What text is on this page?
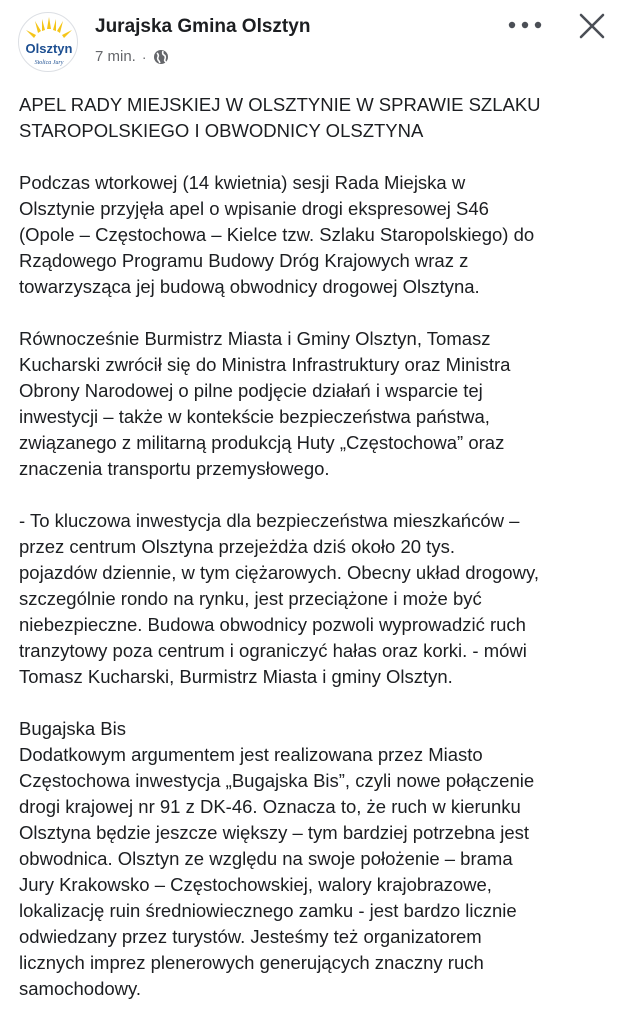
Olsztyn
Stolica Jury
Jurajska Gmina Olsztyn
7 min. ·
APEL RADY MIEJSKIEJ W OLSZTYNIE W SPRAWIE SZLAKU
STAROPOLSKIEGO I OBWODNICY OLSZTYNA

Podczas wtorkowej (14 kwietnia) sesji Rada Miejska w
Olsztynie przyjęła apel o wpisanie drogi ekspresowej S46
(Opole – Częstochowa – Kielce tzw. Szlaku Staropolskiego) do
Rządowego Programu Budowy Dróg Krajowych wraz z
towarzysząca jej budową obwodnicy drogowej Olsztyna.

Równocześnie Burmistrz Miasta i Gminy Olsztyn, Tomasz
Kucharski zwrócił się do Ministra Infrastruktury oraz Ministra
Obrony Narodowej o pilne podjęcie działań i wsparcie tej
inwestycji – także w kontekście bezpieczeństwa państwa,
związanego z militarną produkcją Huty „Częstochowa” oraz
znaczenia transportu przemysłowego.

- To kluczowa inwestycja dla bezpieczeństwa mieszkańców –
przez centrum Olsztyna przejeżdża dziś około 20 tys.
pojazdów dziennie, w tym ciężarowych. Obecny układ drogowy,
szczególnie rondo na rynku, jest przeciążone i może być
niebezpieczne. Budowa obwodnicy pozwoli wyprowadzić ruch
tranzytowy poza centrum i ograniczyć hałas oraz korki. - mówi
Tomasz Kucharski, Burmistrz Miasta i gminy Olsztyn.

Bugajska Bis
Dodatkowym argumentem jest realizowana przez Miasto
Częstochowa inwestycja „Bugajska Bis”, czyli nowe połączenie
drogi krajowej nr 91 z DK-46. Oznacza to, że ruch w kierunku
Olsztyna będzie jeszcze większy – tym bardziej potrzebna jest
obwodnica. Olsztyn ze względu na swoje położenie – brama
Jury Krakowsko – Częstochowskiej, walory krajobrazowe,
lokalizację ruin średniowiecznego zamku - jest bardzo licznie
odwiedzany przez turystów. Jesteśmy też organizatorem
licznych imprez plenerowych generujących znaczny ruch
samochodowy.
